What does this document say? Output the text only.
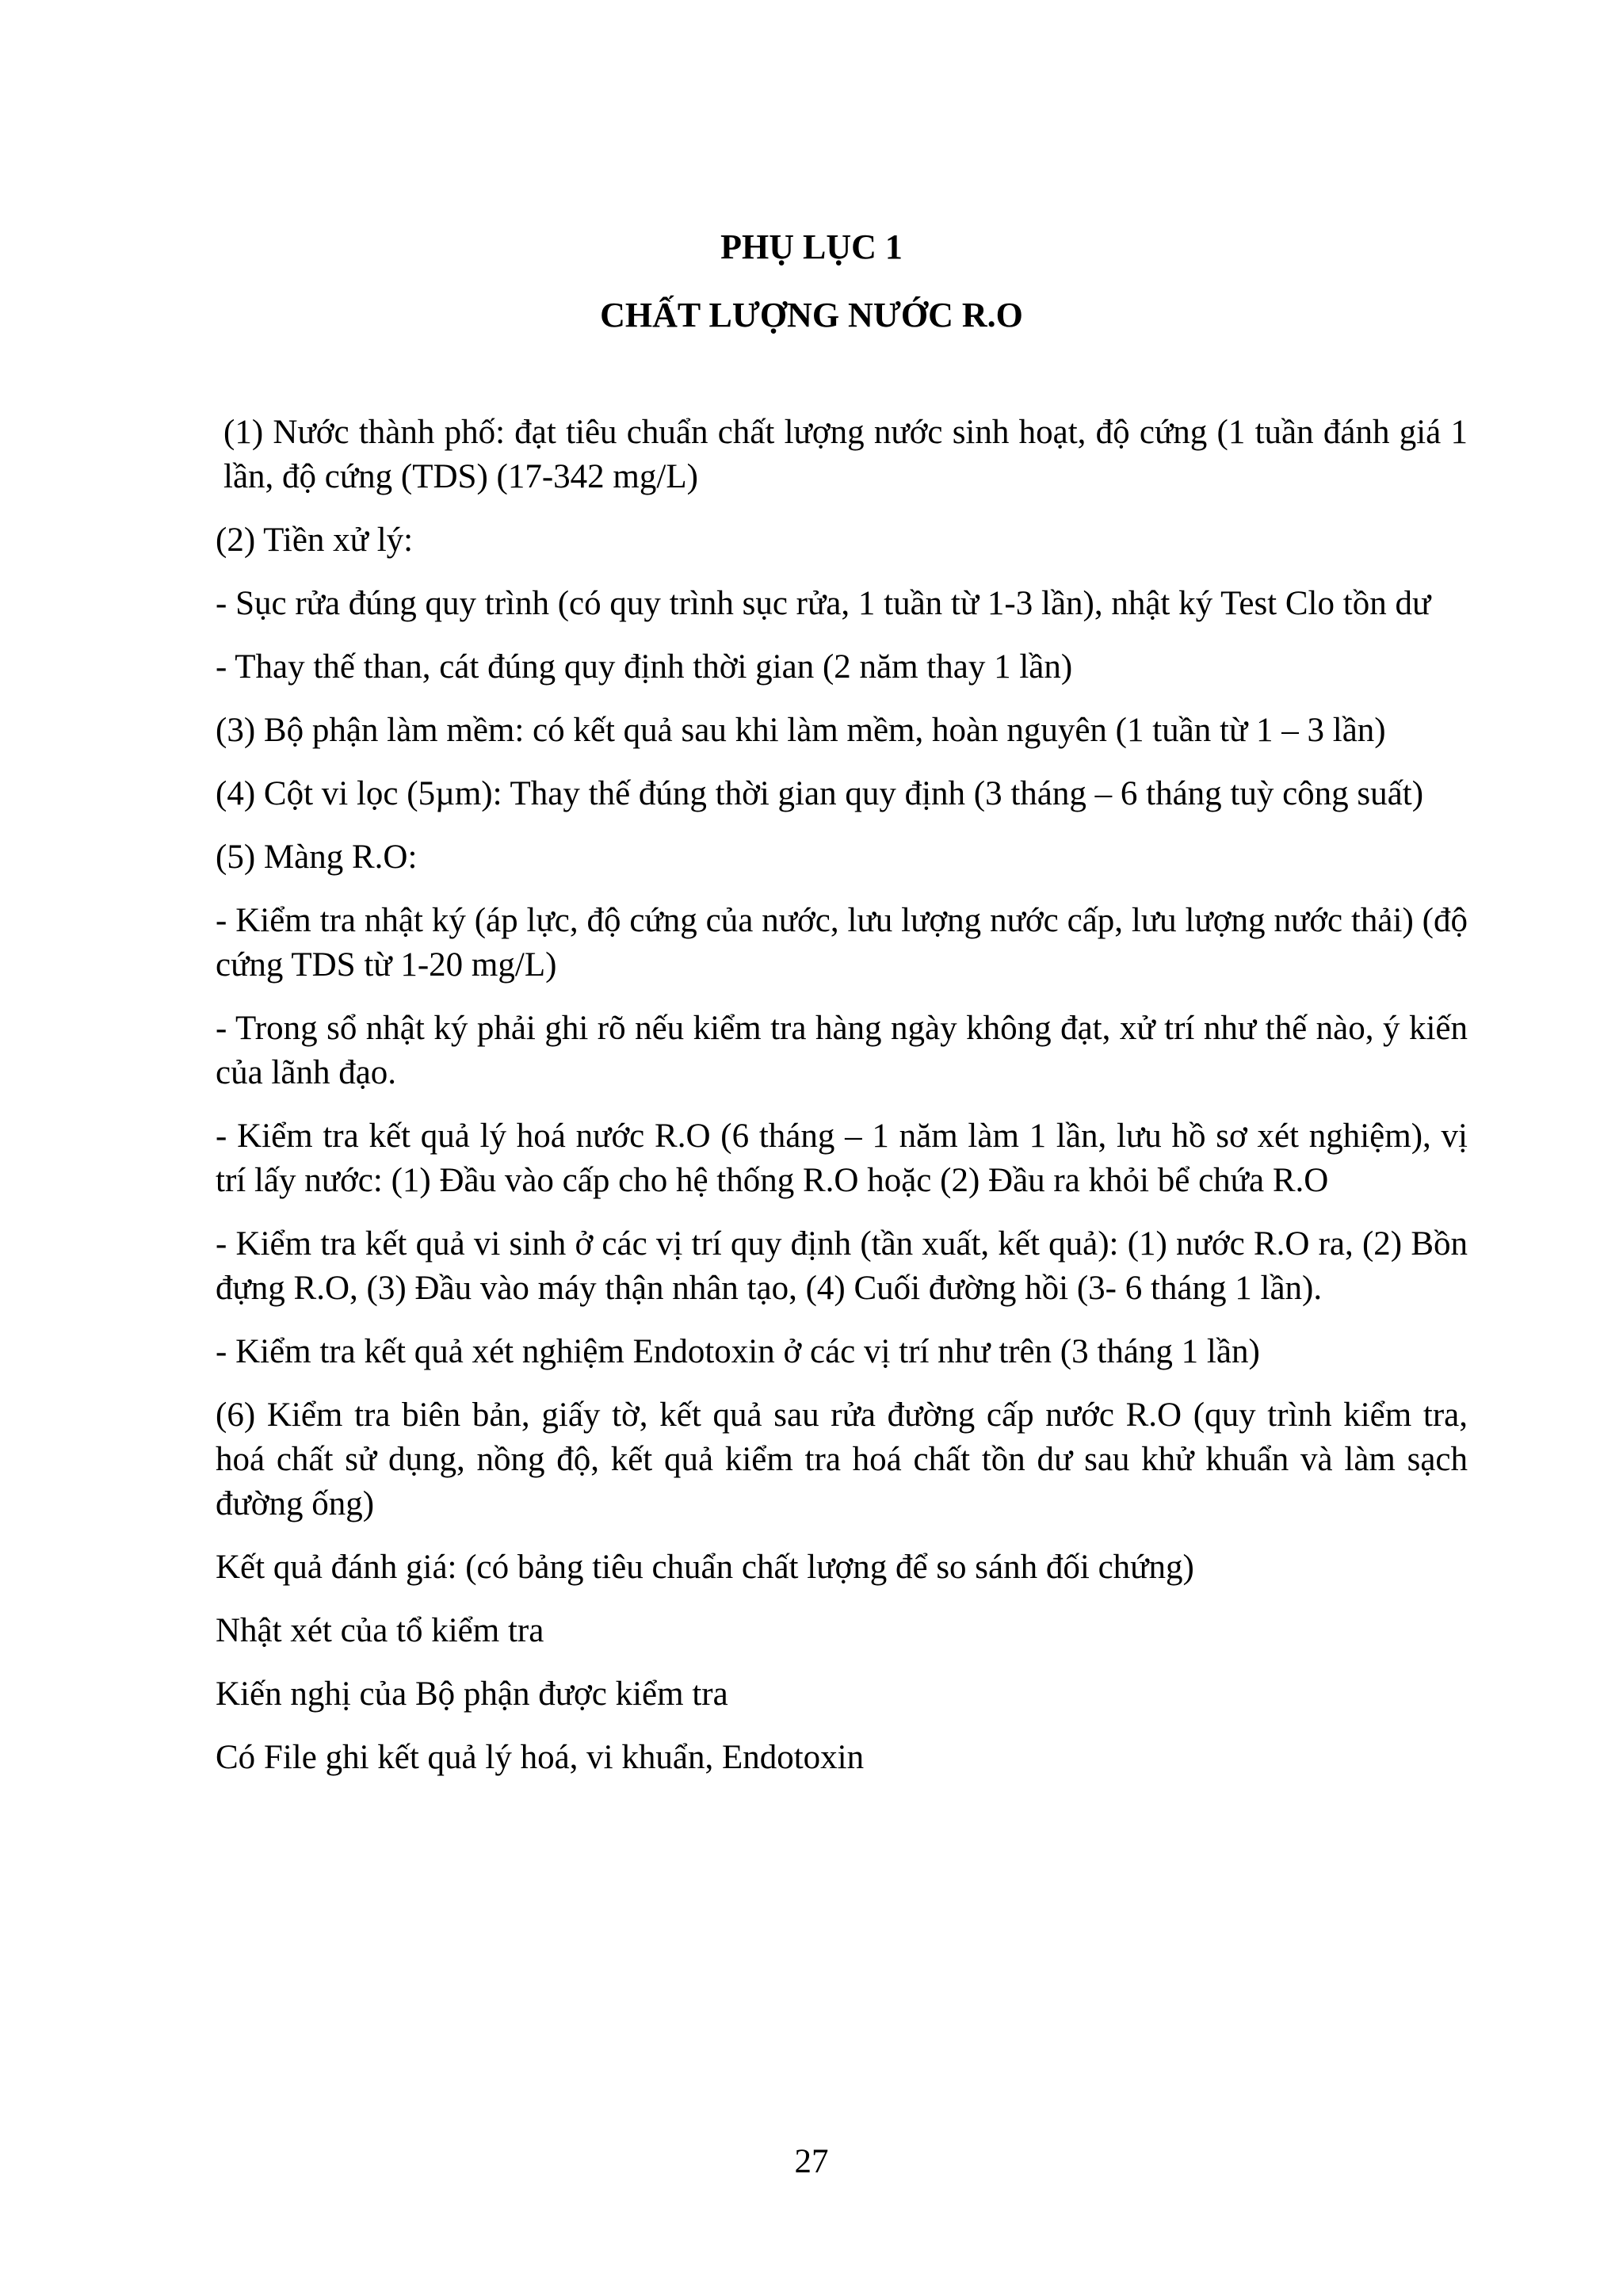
PHỤ LỤC 1
CHẤT LƯỢNG NƯỚC R.O

(1) Nước thành phố: đạt tiêu chuẩn chất lượng nước sinh hoạt, độ cứng (1 tuần đánh giá 1 lần, độ cứng (TDS) (17-342 mg/L)

(2) Tiền xử lý:

- Sục rửa đúng quy trình (có quy trình sục rửa, 1 tuần từ 1-3 lần), nhật ký Test Clo tồn dư

- Thay thế than, cát đúng quy định thời gian (2 năm thay 1 lần)

(3) Bộ phận làm mềm: có kết quả sau khi làm mềm, hoàn nguyên (1 tuần từ 1 – 3 lần)

(4) Cột vi lọc (5µm): Thay thế đúng thời gian quy định (3 tháng – 6 tháng tuỳ công suất)

(5) Màng R.O:

- Kiểm tra nhật ký (áp lực, độ cứng của nước, lưu lượng nước cấp, lưu lượng nước thải) (độ cứng TDS từ 1-20 mg/L)

- Trong sổ nhật ký phải ghi rõ nếu kiểm tra hàng ngày không đạt, xử trí như thế nào, ý kiến của lãnh đạo.

- Kiểm tra kết quả lý hoá nước R.O (6 tháng – 1 năm làm 1 lần, lưu hồ sơ xét nghiệm), vị trí lấy nước: (1) Đầu vào cấp cho hệ thống R.O hoặc (2) Đầu ra khỏi bể chứa R.O

- Kiểm tra kết quả vi sinh ở các vị trí quy định (tần xuất, kết quả): (1) nước R.O ra, (2) Bồn đựng R.O, (3) Đầu vào máy thận nhân tạo, (4) Cuối đường hồi (3- 6 tháng 1 lần).

- Kiểm tra kết quả xét nghiệm Endotoxin ở các vị trí như trên (3 tháng 1 lần)

(6) Kiểm tra biên bản, giấy tờ, kết quả sau rửa đường cấp nước R.O (quy trình kiểm tra, hoá chất sử dụng, nồng độ, kết quả kiểm tra hoá chất tồn dư sau khử khuẩn và làm sạch đường ống)

Kết quả đánh giá: (có bảng tiêu chuẩn chất lượng để so sánh đối chứng)

Nhật xét của tổ kiểm tra

Kiến nghị của Bộ phận được kiểm tra

Có File ghi kết quả lý hoá, vi khuẩn, Endotoxin

27
